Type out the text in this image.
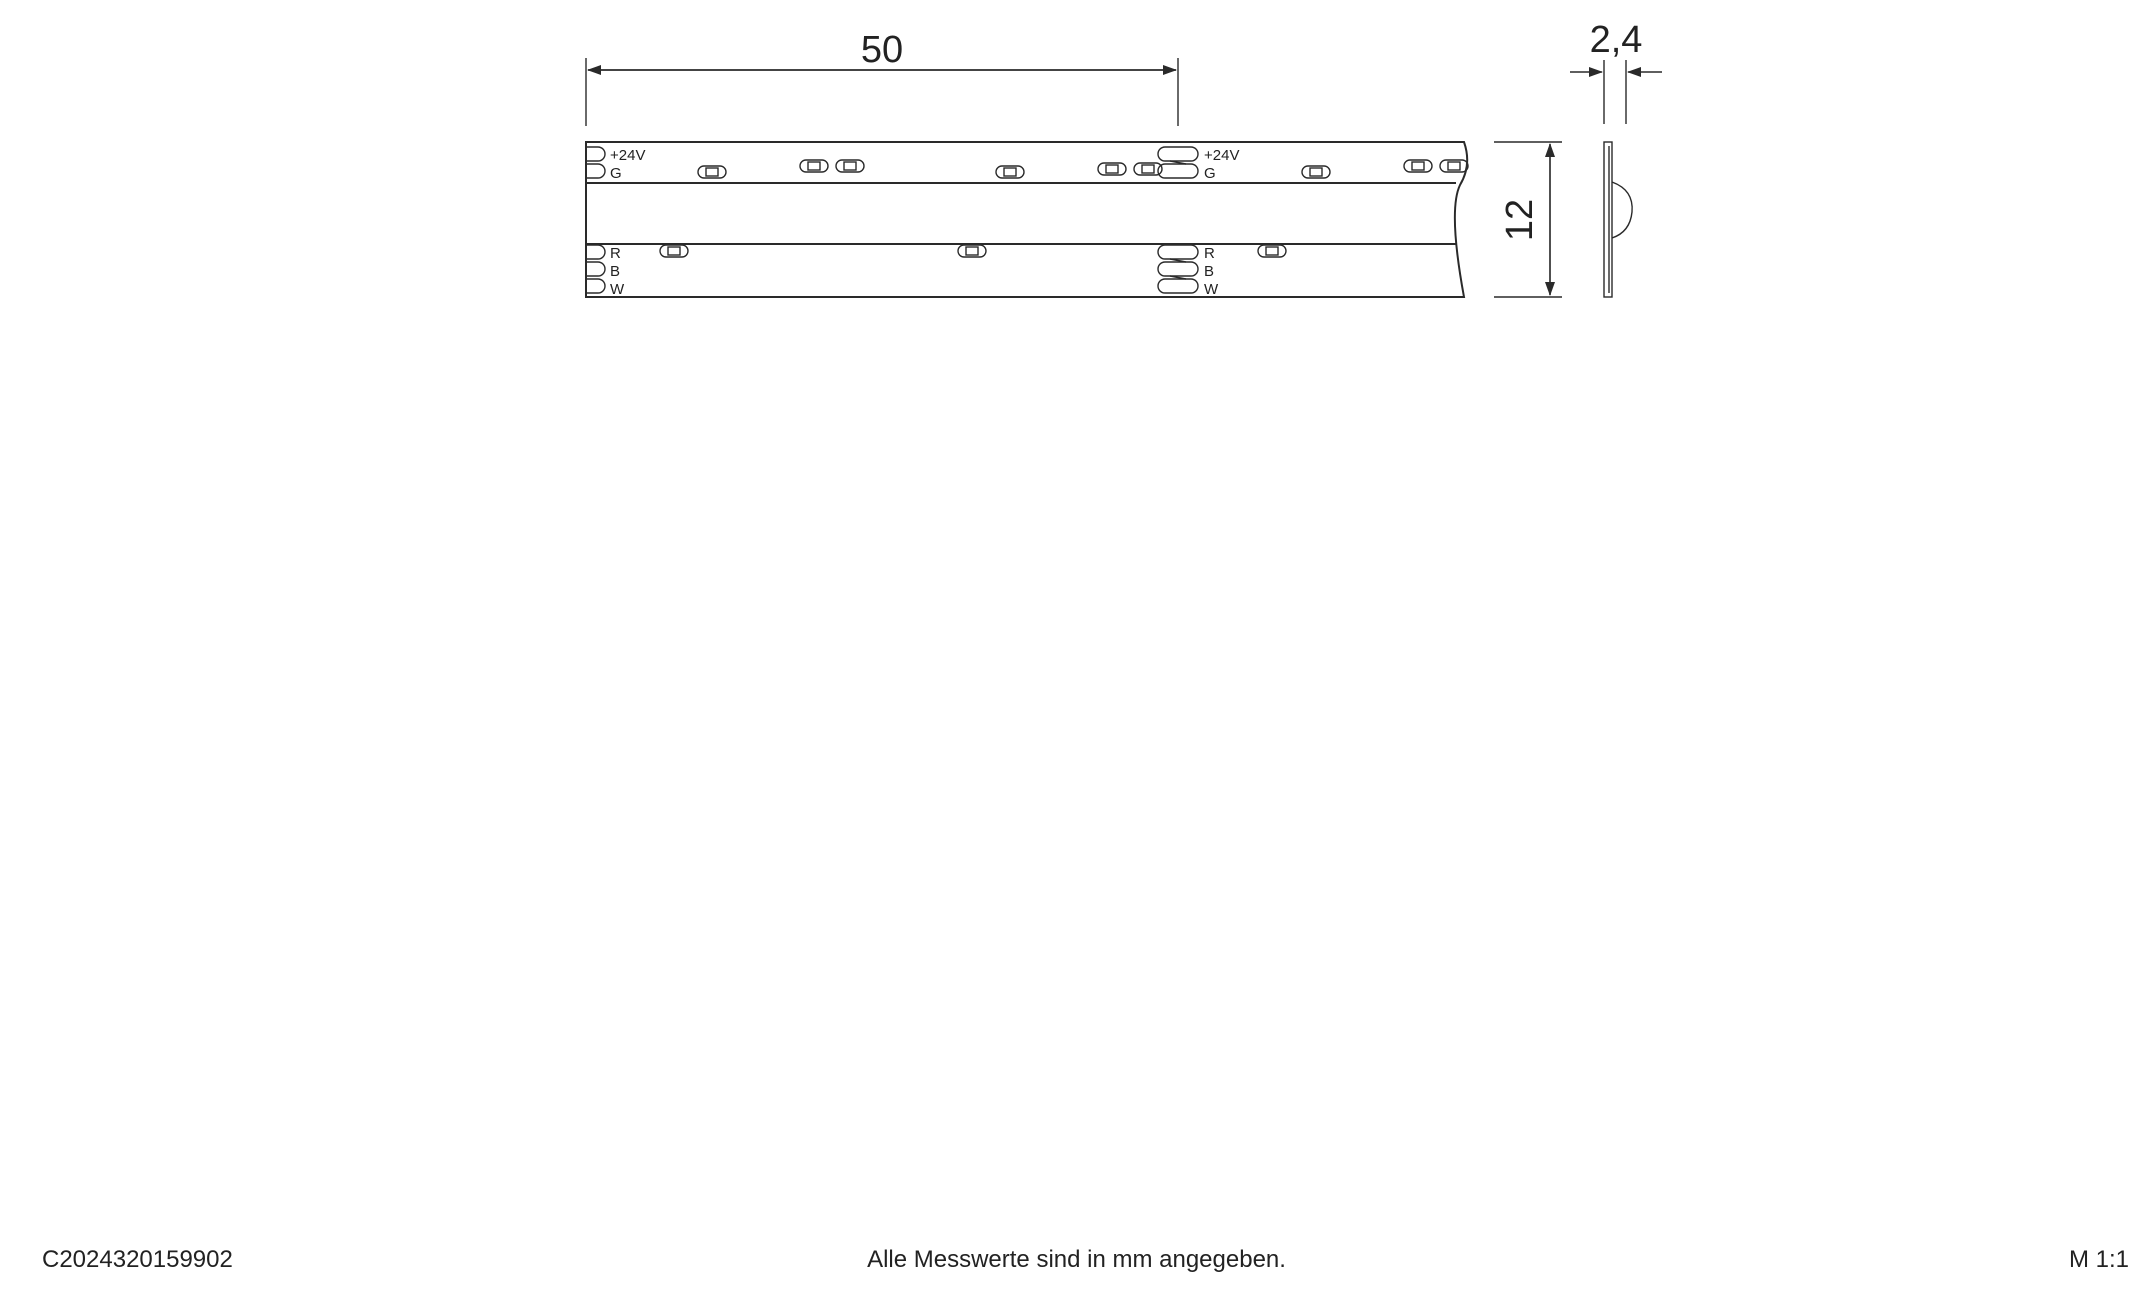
50
+24V
G
R
B
W
+24V
G
R
B
W
12
2,4
C2024320159902	Alle Messwerte sind in mm angegeben.	M 1:1
